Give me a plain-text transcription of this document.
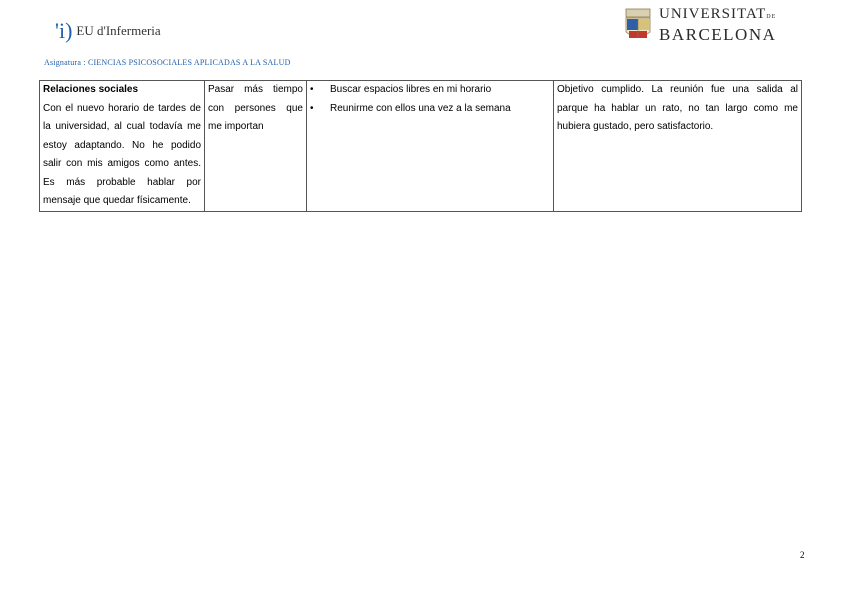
'i) EU d'Infermeria
UNIVERSITATDE
BARCELONA
Asignatura : CIENCIAS PSICOSOCIALES APLICADAS A LA SALUD
Relaciones sociales
Con el nuevo horario de tardes de la universidad, al cual todavía me estoy adaptando. No he podido salir con mis amigos como antes. Es más probable hablar por mensaje que quedar físicamente.
	Pasar más tiempo con persones que me importan	
•	Buscar espacios libres en mi horario
•	Reunirme con ellos una vez a la semana
	Objetivo cumplido. La reunión fue una salida al parque ha hablar un rato, no tan largo como me hubiera gustado, pero satisfactorio.
2
